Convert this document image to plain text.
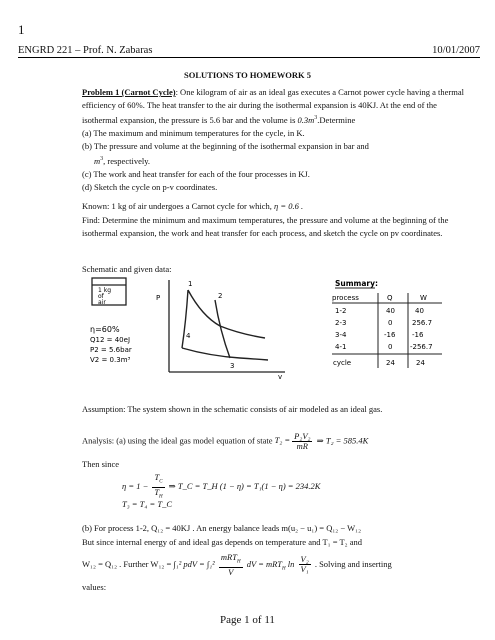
1
ENGRD 221 – Prof. N. Zabaras	10/01/2007
SOLUTIONS TO HOMEWORK 5
Problem 1 (Carnot Cycle): One kilogram of air as an ideal gas executes a Carnot power cycle having a thermal efficiency of 60%. The heat transfer to the air during the isothermal expansion is 40KJ. At the end of the isothermal expansion, the pressure is 5.6 bar and the volume is $0.3m^3.Determine$
(a) The maximum and minimum temperatures for the cycle, in K.
(b) The pressure and volume at the beginning of the isothermal expansion in bar and
$m^3$, respectively.
(c) The work and heat transfer for each of the four processes in KJ.
(d) Sketch the cycle on p-v coordinates.
Known: 1 kg of air undergoes a Carnot cycle for which, η = 0.6 .
Find: Determine the minimum and maximum temperatures, the pressure and volume at the beginning of the isothermal expansion, the work and heat transfer for each process, and sketch the cycle on pv coordinates.
Schematic and given data:
1 kg
of
air
η=60%
Q12 = 40eJ
P2 = 5.6bar
V2 = 0.3m³
P
v
1
2
3
4
Summary:
process	Q	W
1-2	40	40
2-3	0	256.7
3-4	-16 -16
4-1	0	-256.7
cycle	24	24
Assumption: The system shown in the schematic consists of air modeled as an ideal gas.
Analysis: (a) using the ideal gas model equation of state $T_2 = \frac{\text{P₂V₂}}{mR}$ ⇒ T₂ = 585.4K
Then since
$\eta = 1 - \frac{T_C}{T_H}$ ⇒ T_C = T_H (1 − η) = T₁(1 − η) = 234.2K
T₃ = T₄ = T_C
(b) For process 1-2, Q₁₂ = 40KJ . An energy balance leads m(u₂ − u₁) = Q₁₂ − W₁₂
But since internal energy of and ideal gas depends on temperature and T₁ = T₂ and
W₁₂ = Q₁₂ . Further W₁₂ = ∫₁² pdV = $\int_1^2 \frac{mRT_H}{V}$ dV = mRT$_H$ $\ln \frac{\text{V₂}}{\text{V₁}}$ . Solving and inserting
values:
Page 1 of 11
